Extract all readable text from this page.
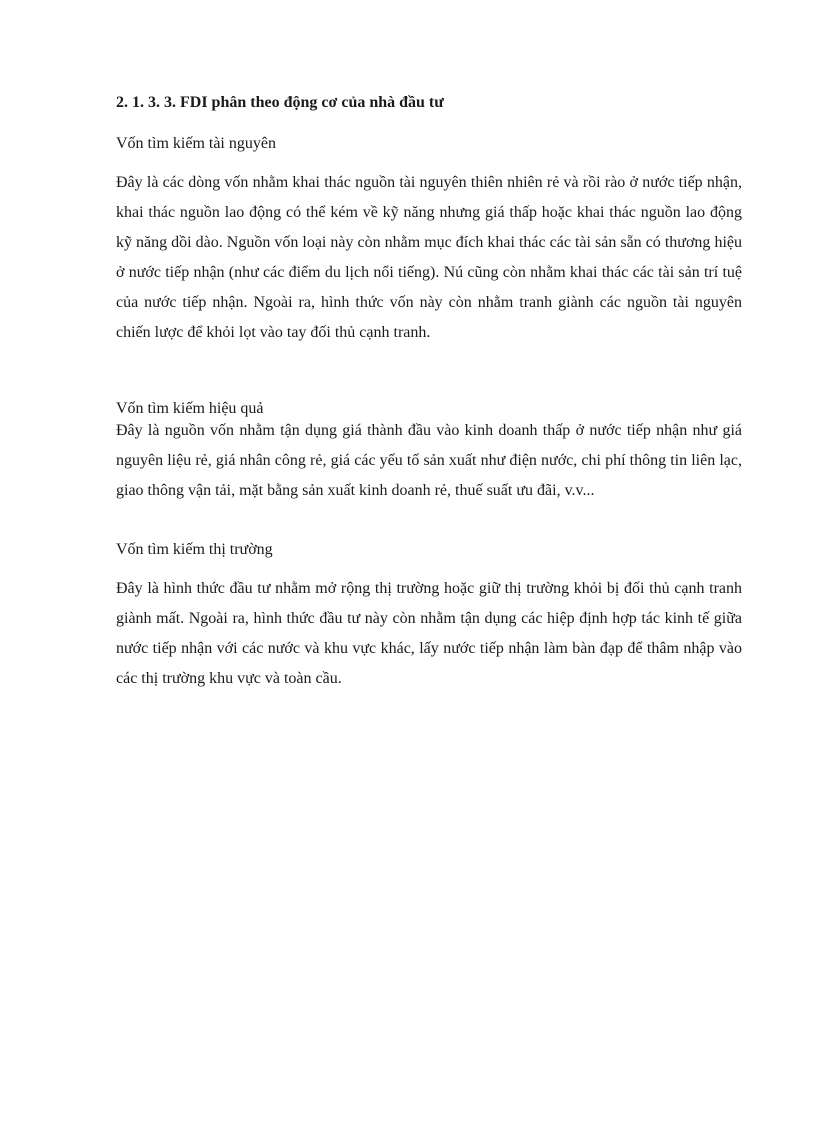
2. 1. 3. 3. FDI phân theo động cơ của nhà đầu tư

Vốn tìm kiếm tài nguyên

Đây là các dòng vốn nhằm khai thác nguồn tài nguyên thiên nhiên rẻ và rồi rào ở nước tiếp nhận, khai thác nguồn lao động có thể kém về kỹ năng nhưng giá thấp hoặc khai thác nguồn lao động kỹ năng dồi dào. Nguồn vốn loại này còn nhằm mục đích khai thác các tài sản sẵn có thương hiệu ở nước tiếp nhận (như các điểm du lịch nổi tiếng). Nú cũng còn nhằm khai thác các tài sản trí tuệ của nước tiếp nhận. Ngoài ra, hình thức vốn này còn nhằm tranh giành các nguồn tài nguyên chiến lược để khỏi lọt vào tay đối thủ cạnh tranh.

Vốn tìm kiếm hiệu quả

Đây là nguồn vốn nhằm tận dụng giá thành đầu vào kinh doanh thấp ở nước tiếp nhận như giá nguyên liệu rẻ, giá nhân công rẻ, giá các yếu tố sản xuất như điện nước, chi phí thông tin liên lạc, giao thông vận tải, mặt bằng sản xuất kinh doanh rẻ, thuế suất ưu đãi, v.v...

Vốn tìm kiếm thị trường

Đây là hình thức đầu tư nhằm mở rộng thị trường hoặc giữ thị trường khỏi bị đối thủ cạnh tranh giành mất. Ngoài ra, hình thức đầu tư này còn nhằm tận dụng các hiệp định hợp tác kinh tế giữa nước tiếp nhận với các nước và khu vực khác, lấy nước tiếp nhận làm bàn đạp để thâm nhập vào các thị trường khu vực và toàn cầu.
